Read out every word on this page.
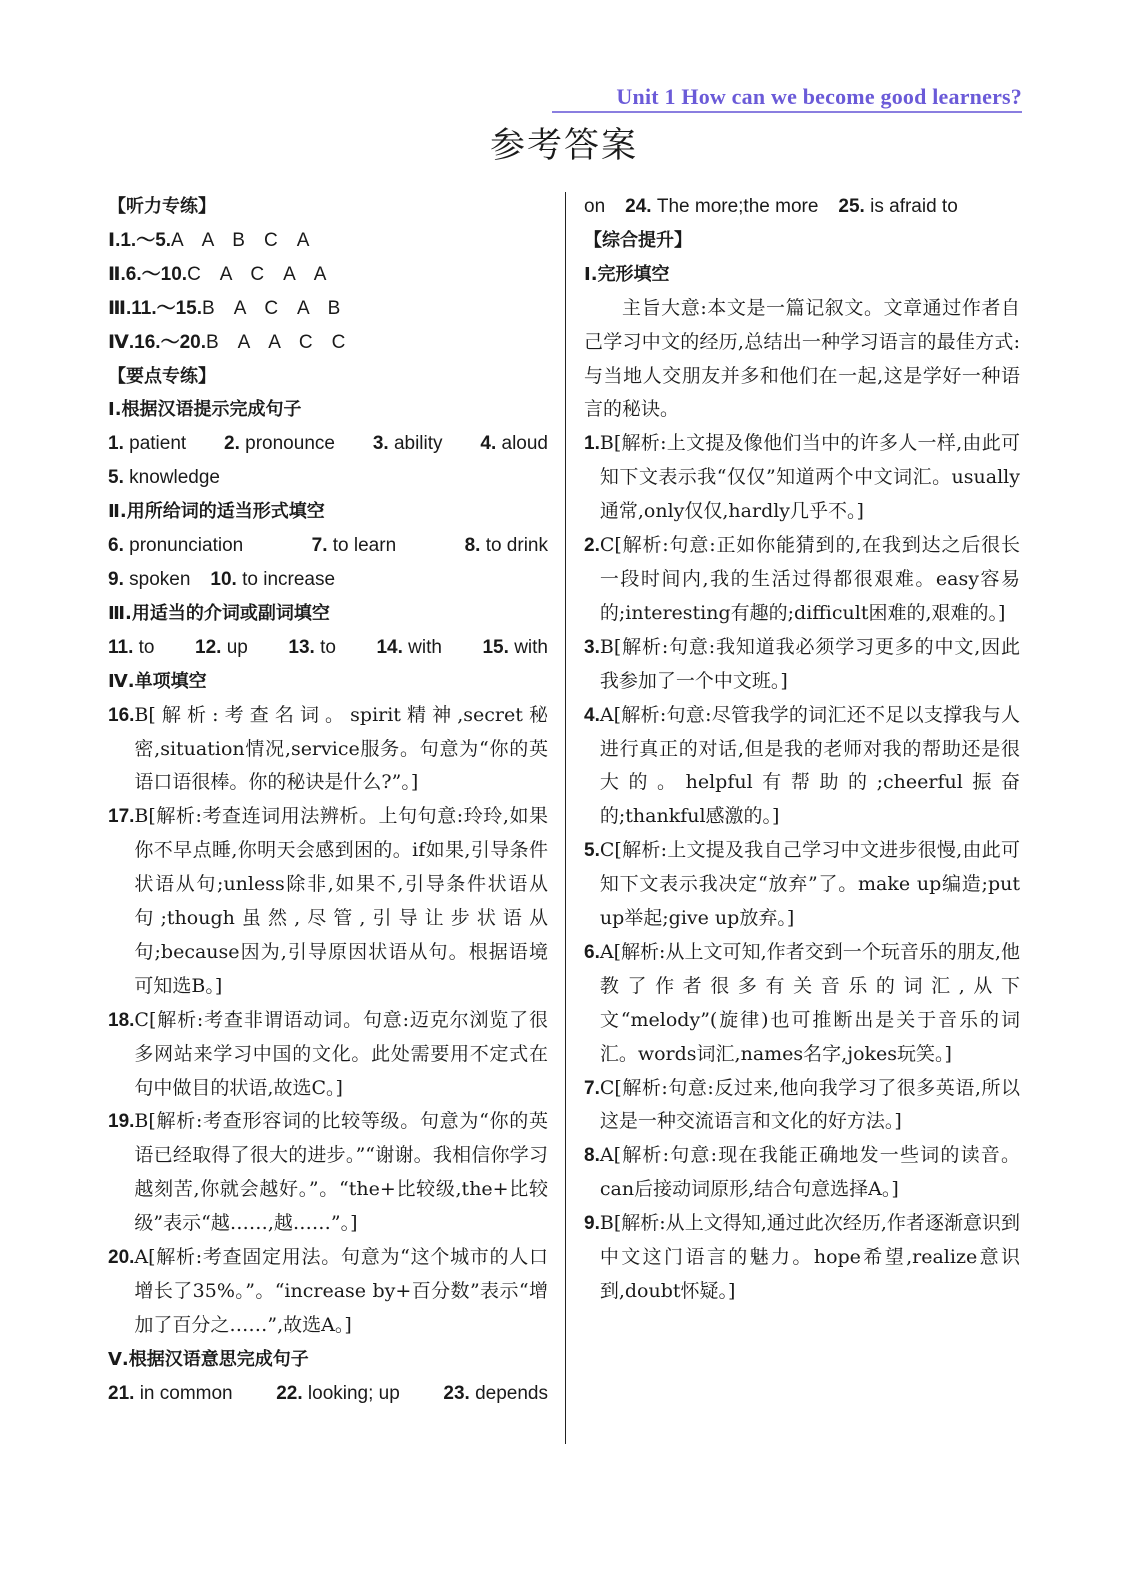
Unit 1 How can we become good learners?
参考答案
【听力专练】
Ⅰ.1.～5.A　A　B　C　A
Ⅱ.6.～10.C　A　C　A　A
Ⅲ.11.～15.B　A　C　A　B
Ⅳ.16.～20.B　A　A　C　C
【要点专练】
Ⅰ.根据汉语提示完成句子
1. patient 2. pronounce 3. ability 4. aloud
5. knowledge
Ⅱ.用所给词的适当形式填空
6. pronunciation	7. to learn	8. to drink
9. spoken 10. to increase
Ⅲ.用适当的介词或副词填空
11. to 12. up 13. to 14. with 15. with
Ⅳ.单项填空
16. B[解析:考查名词。spirit精神,secret秘密,situation情况,service服务。句意为“你的英语口语很棒。你的秘诀是什么?”。]
17. B[解析:考查连词用法辨析。上句句意:玲玲,如果你不早点睡,你明天会感到困的。if如果,引导条件状语从句;unless除非,如果不,引导条件状语从句;though虽然,尽管,引导让步状语从句;because因为,引导原因状语从句。根据语境可知选B。]
18. C[解析:考查非谓语动词。句意:迈克尔浏览了很多网站来学习中国的文化。此处需要用不定式在句中做目的状语,故选C。]
19. B[解析:考查形容词的比较等级。句意为“你的英语已经取得了很大的进步。”“谢谢。我相信你学习越刻苦,你就会越好。”。“the+比较级,the+比较级”表示“越……,越……”。]
20. A[解析:考查固定用法。句意为“这个城市的人口增长了35%。”。“increase by+百分数”表示“增加了百分之……”,故选A。]
Ⅴ.根据汉语意思完成句子
21. in common 22. looking; up 23. depends
on 24. The more;the more 25. is afraid to
【综合提升】
Ⅰ.完形填空
主旨大意:本文是一篇记叙文。文章通过作者自己学习中文的经历,总结出一种学习语言的最佳方式:与当地人交朋友并多和他们在一起,这是学好一种语言的秘诀。
1. B[解析:上文提及像他们当中的许多人一样,由此可知下文表示我“仅仅”知道两个中文词汇。usually通常,only仅仅,hardly几乎不。]
2. C[解析:句意:正如你能猜到的,在我到达之后很长一段时间内,我的生活过得都很艰难。easy容易的;interesting有趣的;difficult困难的,艰难的。]
3. B[解析:句意:我知道我必须学习更多的中文,因此我参加了一个中文班。]
4. A[解析:句意:尽管我学的词汇还不足以支撑我与人进行真正的对话,但是我的老师对我的帮助还是很大的。helpful有帮助的;cheerful振奋的;thankful感激的。]
5. C[解析:上文提及我自己学习中文进步很慢,由此可知下文表示我决定“放弃”了。make up编造;put up举起;give up放弃。]
6. A[解析:从上文可知,作者交到一个玩音乐的朋友,他教了作者很多有关音乐的词汇,从下文“melody”(旋律)也可推断出是关于音乐的词汇。words词汇,names名字,jokes玩笑。]
7. C[解析:句意:反过来,他向我学习了很多英语,所以这是一种交流语言和文化的好方法。]
8. A[解析:句意:现在我能正确地发一些词的读音。can后接动词原形,结合句意选择A。]
9. B[解析:从上文得知,通过此次经历,作者逐渐意识到中文这门语言的魅力。hope希望,realize意识到,doubt怀疑。]
